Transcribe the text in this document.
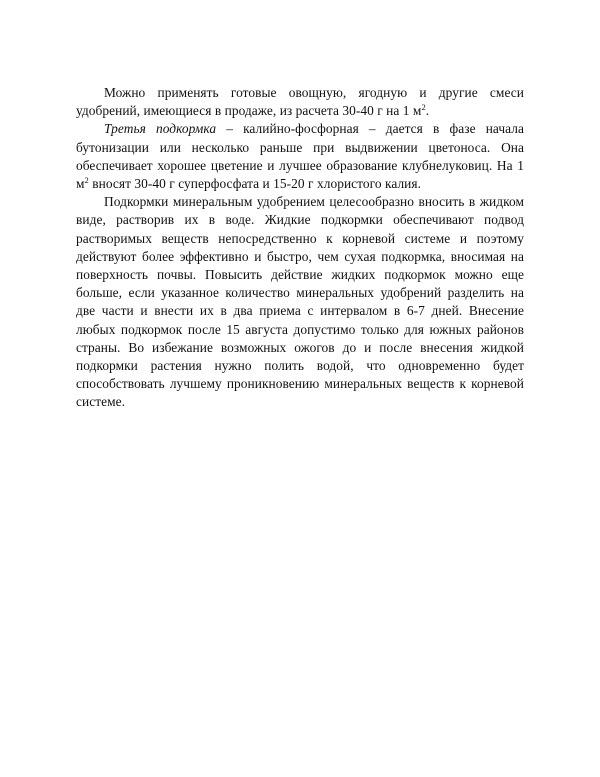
Можно применять готовые овощную, ягодную и другие смеси удобрений, имеющиеся в продаже, из расчета 30-40 г на 1 $м^2$.

Третья подкормка – калийно-фосфорная – дается в фазе начала бутонизации или несколько раньше при выдвижении цветоноса. Она обеспечивает хорошее цветение и лучшее образование клубнелуковиц. На 1 $м^2$ вносят 30-40 г суперфосфата и 15-20 г хлористого калия.

Подкормки минеральным удобрением целесообразно вносить в жидком виде, растворив их в воде. Жидкие подкормки обеспечивают подвод растворимых веществ непосредственно к корневой системе и поэтому действуют более эффективно и быстро, чем сухая подкормка, вносимая на поверхность почвы. Повысить действие жидких подкормок можно еще больше, если указанное количество минеральных удобрений разделить на две части и внести их в два приема с интервалом в 6-7 дней. Внесение любых подкормок после 15 августа допустимо только для южных районов страны. Во избежание возможных ожогов до и после внесения жидкой подкормки растения нужно полить водой, что одновременно будет способствовать лучшему проникновению минеральных веществ к корневой системе.
